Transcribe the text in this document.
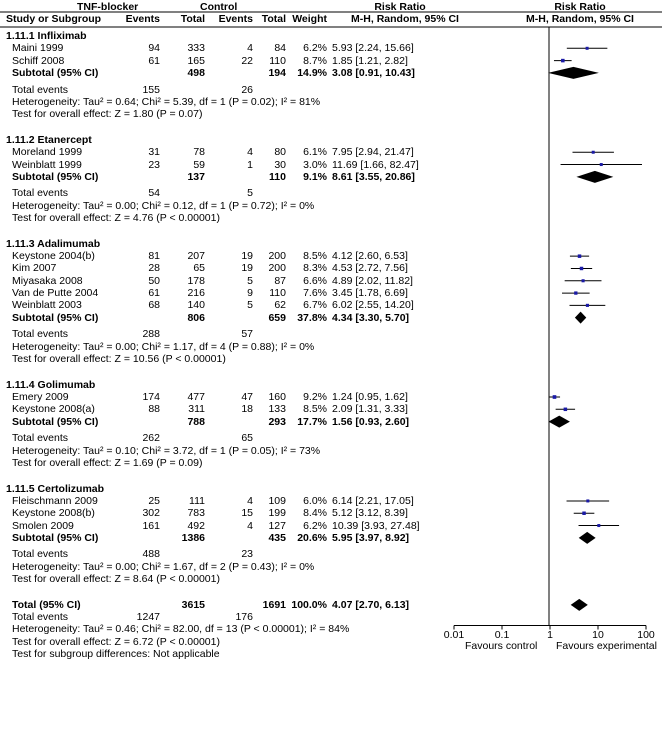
TNF-blocker	Control	Risk Ratio	Risk Ratio
Study or Subgroup	Events	Total	Events Total Weight	M-H, Random, 95% CI	M-H, Random, 95% CI
1.11.1 Infliximab
Maini 1999	94	333	4	84	6.2% 5.93 [2.24, 15.66]
Schiff 2008	61	165	22	110	8.7% 1.85 [1.21, 2.82]
Subtotal (95% CI)	498	194	14.9% 3.08 [0.91, 10.43]
Total events	155	26
Heterogeneity: Tau² = 0.64; Chi² = 5.39, df = 1 (P = 0.02); I² = 81%
Test for overall effect: Z = 1.80 (P = 0.07)
1.11.2 Etanercept
Moreland 1999	31	78	4	80	6.1% 7.95 [2.94, 21.47]
Weinblatt 1999	23	59	1	30	3.0% 11.69 [1.66, 82.47]
Subtotal (95% CI)	137	110	9.1% 8.61 [3.55, 20.86]
Total events	54	5
Heterogeneity: Tau² = 0.00; Chi² = 0.12, df = 1 (P = 0.72); I² = 0%
Test for overall effect: Z = 4.76 (P < 0.00001)
1.11.3 Adalimumab
Keystone 2004(b)	81	207	19	200	8.5% 4.12 [2.60, 6.53]
Kim 2007	28	65	19	200	8.3% 4.53 [2.72, 7.56]
Miyasaka 2008	50	178	5	87	6.6% 4.89 [2.02, 11.82]
Van de Putte 2004	61	216	9	110	7.6% 3.45 [1.78, 6.69]
Weinblatt 2003	68	140	5	62	6.7% 6.02 [2.55, 14.20]
Subtotal (95% CI)	806	659	37.8% 4.34 [3.30, 5.70]
Total events	288	57
Heterogeneity: Tau² = 0.00; Chi² = 1.17, df = 4 (P = 0.88); I² = 0%
Test for overall effect: Z = 10.56 (P < 0.00001)
1.11.4 Golimumab
Emery 2009	174	477	47	160	9.2% 1.24 [0.95, 1.62]
Keystone 2008(a)	88	311	18	133	8.5% 2.09 [1.31, 3.33]
Subtotal (95% CI)	788	293	17.7% 1.56 [0.93, 2.60]
Total events	262	65
Heterogeneity: Tau² = 0.10; Chi² = 3.72, df = 1 (P = 0.05); I² = 73%
Test for overall effect: Z = 1.69 (P = 0.09)
1.11.5 Certolizumab
Fleischmann 2009	25	111	4	109	6.0% 6.14 [2.21, 17.05]
Keystone 2008(b)	302	783	15	199	8.4% 5.12 [3.12, 8.39]
Smolen 2009	161	492	4	127	6.2% 10.39 [3.93, 27.48]
Subtotal (95% CI)	1386	435	20.6% 5.95 [3.97, 8.92]
Total events	488	23
Heterogeneity: Tau² = 0.00; Chi² = 1.67, df = 2 (P = 0.43); I² = 0%
Test for overall effect: Z = 8.64 (P < 0.00001)
Total (95% CI)	3615	1691 100.0% 4.07 [2.70, 6.13]
Total events	1247	176
Heterogeneity: Tau² = 0.46; Chi² = 82.00, df = 13 (P < 0.00001); I² = 84%	0.01	0.1	1	10	100
Test for overall effect: Z = 6.72 (P < 0.00001)	Favours control Favours experimental
Test for subgroup differences: Not applicable
